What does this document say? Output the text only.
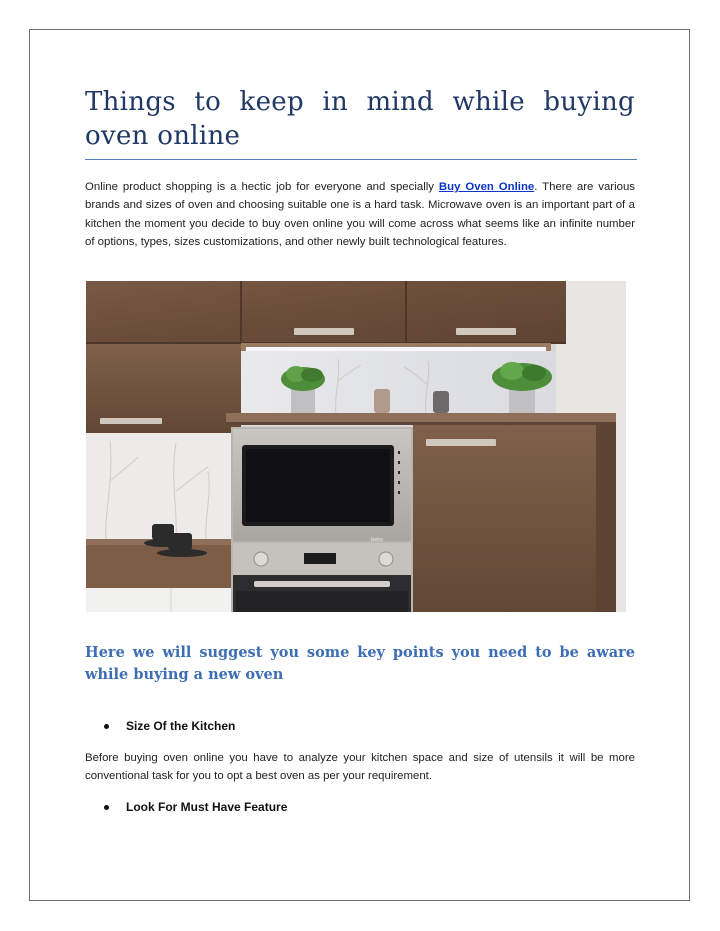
Things to keep in mind while buying oven online

Online product shopping is a hectic job for everyone and specially Buy Oven Online. There are various brands and sizes of oven and choosing suitable one is a hard task. Microwave oven is an important part of a kitchen the moment you decide to buy oven online you will come across what seems like an infinite number of options, types, sizes customizations, and other newly built technological features.

beko
Here we will suggest you some key points you need to be aware while buying a new oven
Size Of the Kitchen

Before buying oven online you have to analyze your kitchen space and size of utensils it will be more conventional task for you to opt a best oven as per your requirement.

Look For Must Have Feature
